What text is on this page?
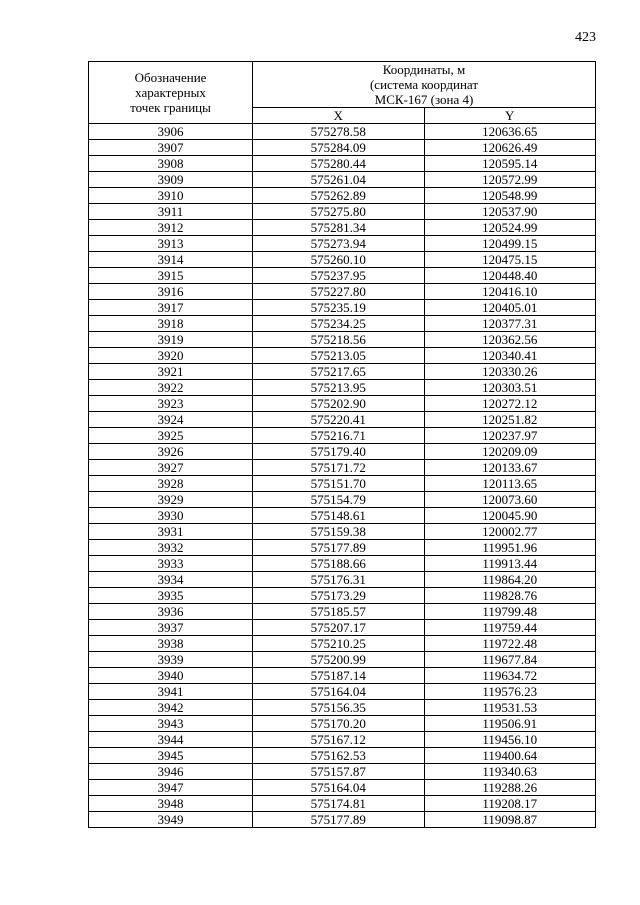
423
Обозначение
характерных
точек границы	Координаты, м
(система координат
МСК-167 (зона 4)	

	X	Y
3906	575278.58	120636.65
3907	575284.09	120626.49
3908	575280.44	120595.14
3909	575261.04	120572.99
3910	575262.89	120548.99
3911	575275.80	120537.90
3912	575281.34	120524.99
3913	575273.94	120499.15
3914	575260.10	120475.15
3915	575237.95	120448.40
3916	575227.80	120416.10
3917	575235.19	120405.01
3918	575234.25	120377.31
3919	575218.56	120362.56
3920	575213.05	120340.41
3921	575217.65	120330.26
3922	575213.95	120303.51
3923	575202.90	120272.12
3924	575220.41	120251.82
3925	575216.71	120237.97
3926	575179.40	120209.09
3927	575171.72	120133.67
3928	575151.70	120113.65
3929	575154.79	120073.60
3930	575148.61	120045.90
3931	575159.38	120002.77
3932	575177.89	119951.96
3933	575188.66	119913.44
3934	575176.31	119864.20
3935	575173.29	119828.76
3936	575185.57	119799.48
3937	575207.17	119759.44
3938	575210.25	119722.48
3939	575200.99	119677.84
3940	575187.14	119634.72
3941	575164.04	119576.23
3942	575156.35	119531.53
3943	575170.20	119506.91
3944	575167.12	119456.10
3945	575162.53	119400.64
3946	575157.87	119340.63
3947	575164.04	119288.26
3948	575174.81	119208.17
3949	575177.89	119098.87
